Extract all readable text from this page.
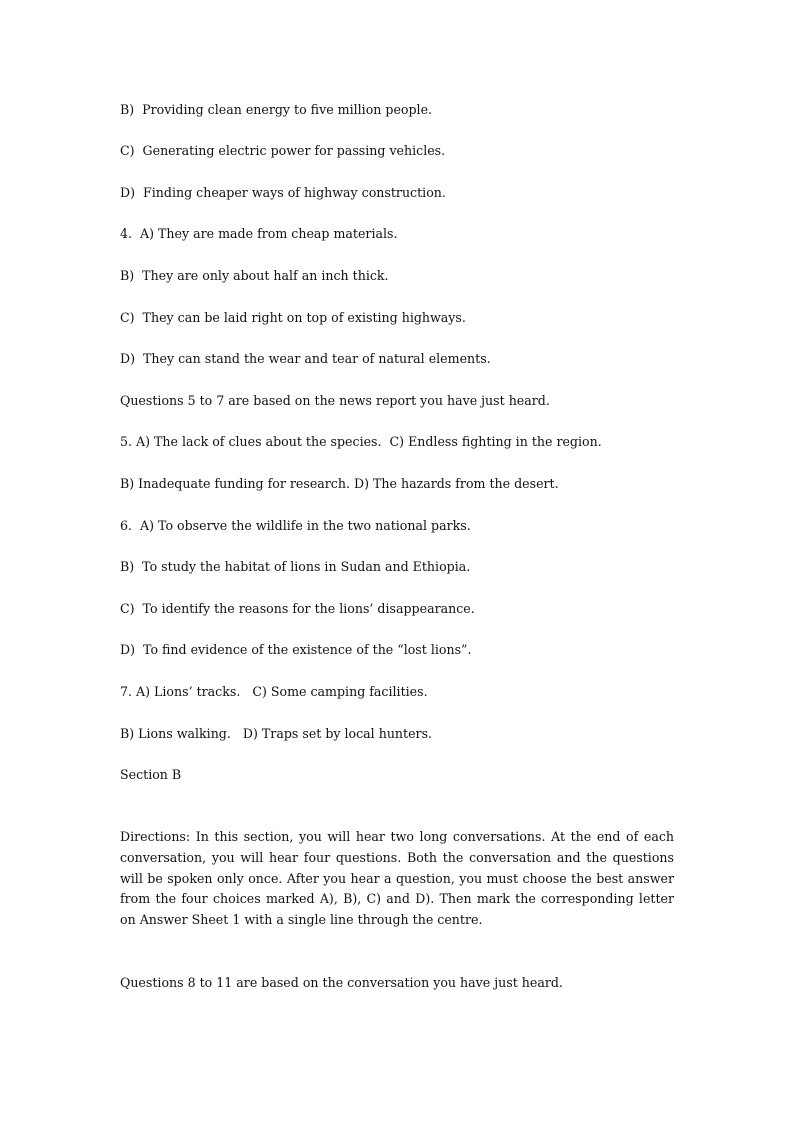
B)  Providing clean energy to five million people.
C)  Generating electric power for passing vehicles.
D)  Finding cheaper ways of highway construction.
4.  A) They are made from cheap materials.
B)  They are only about half an inch thick.
C)  They can be laid right on top of existing highways.
D)  They can stand the wear and tear of natural elements.
Questions 5 to 7 are based on the news report you have just heard.
5. A) The lack of clues about the species.  C) Endless fighting in the region.
B) Inadequate funding for research. D) The hazards from the desert.
6.  A) To observe the wildlife in the two national parks.
B)  To study the habitat of lions in Sudan and Ethiopia.
C)  To identify the reasons for the lions’ disappearance.
D)  To find evidence of the existence of the “lost lions”.
7. A) Lions’ tracks.   C) Some camping facilities.
B) Lions walking.   D) Traps set by local hunters.
Section B
Directions: In this section, you will hear two long conversations. At the end of each conversation, you will hear four questions. Both the conversation and the questions will be spoken only once. After you hear a question, you must choose the best answer from the four choices marked A), B), C) and D). Then mark the corresponding letter on Answer Sheet 1 with a single line through the centre.
Questions 8 to 11 are based on the conversation you have just heard.
